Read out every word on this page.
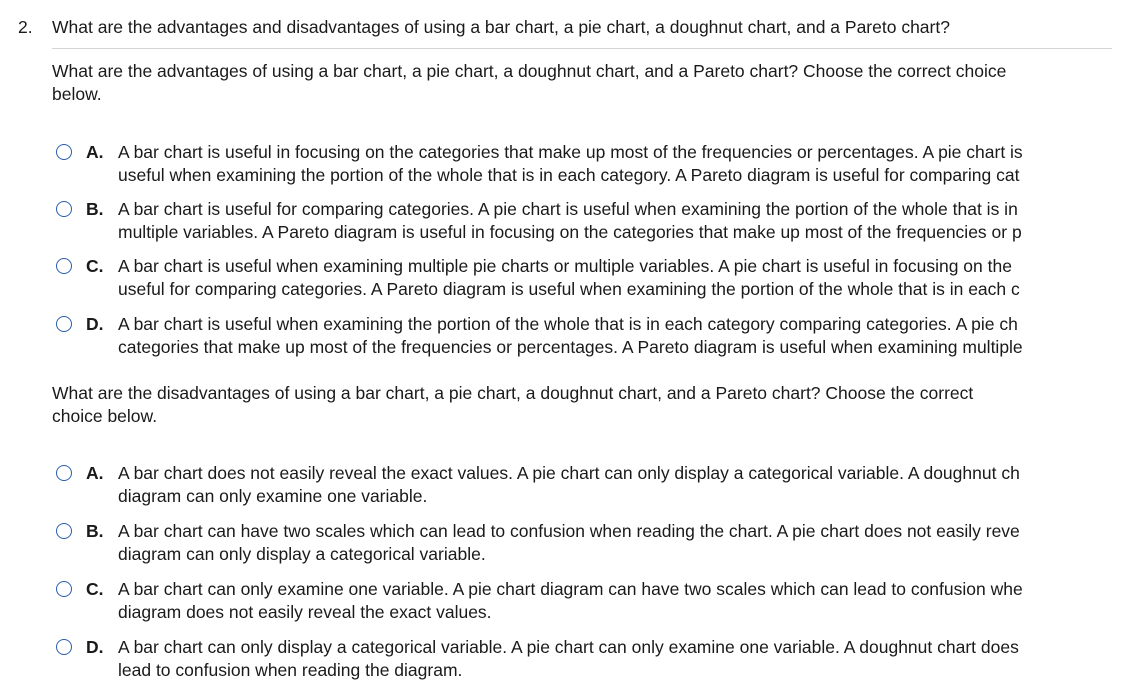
2. What are the advantages and disadvantages of using a bar chart, a pie chart, a doughnut chart, and a Pareto chart?
What are the advantages of using a bar chart, a pie chart, a doughnut chart, and a Pareto chart? Choose the correct choice
below.
A. A bar chart is useful in focusing on the categories that make up most of the frequencies or percentages. A pie chart is
useful when examining the portion of the whole that is in each category. A Pareto diagram is useful for comparing cat
B. A bar chart is useful for comparing categories. A pie chart is useful when examining the portion of the whole that is in
multiple variables. A Pareto diagram is useful in focusing on the categories that make up most of the frequencies or p
C. A bar chart is useful when examining multiple pie charts or multiple variables. A pie chart is useful in focusing on the
useful for comparing categories. A Pareto diagram is useful when examining the portion of the whole that is in each c
D. A bar chart is useful when examining the portion of the whole that is in each category comparing categories. A pie ch
categories that make up most of the frequencies or percentages. A Pareto diagram is useful when examining multiple
What are the disadvantages of using a bar chart, a pie chart, a doughnut chart, and a Pareto chart? Choose the correct
choice below.
A. A bar chart does not easily reveal the exact values. A pie chart can only display a categorical variable. A doughnut ch
diagram can only examine one variable.
B. A bar chart can have two scales which can lead to confusion when reading the chart. A pie chart does not easily reve
diagram can only display a categorical variable.
C. A bar chart can only examine one variable. A pie chart diagram can have two scales which can lead to confusion whe
diagram does not easily reveal the exact values.
D. A bar chart can only display a categorical variable. A pie chart can only examine one variable. A doughnut chart does
lead to confusion when reading the diagram.
